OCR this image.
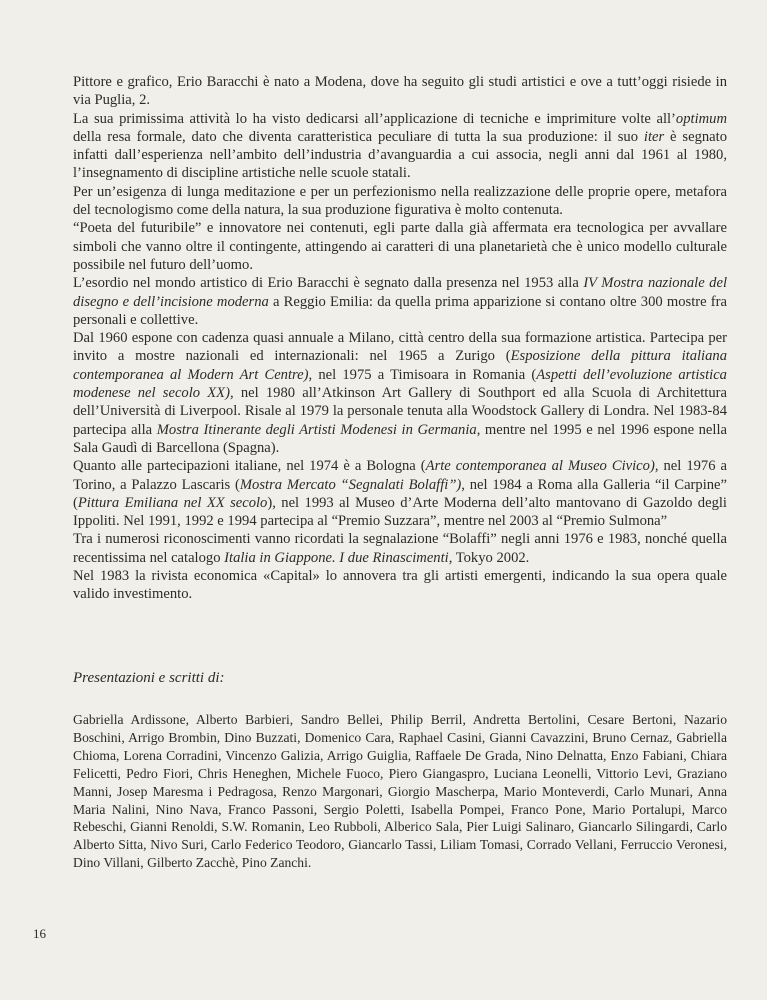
Pittore e grafico, Erio Baracchi è nato a Modena, dove ha seguito gli studi artistici e ove a tutt’oggi risiede in via Puglia, 2.

La sua primissima attività lo ha visto dedicarsi all’applicazione di tecniche e imprimiture volte all’optimum della resa formale, dato che diventa caratteristica peculiare di tutta la sua produzione: il suo iter è segnato infatti dall’esperienza nell’ambito dell’industria d’avanguardia a cui associa, negli anni dal 1961 al 1980, l’insegnamento di discipline artistiche nelle scuole statali.

Per un’esigenza di lunga meditazione e per un perfezionismo nella realizzazione delle proprie opere, metafora del tecnologismo come della natura, la sua produzione figurativa è molto contenuta.

“Poeta del futuribile” e innovatore nei contenuti, egli parte dalla già affermata era tecnologica per avvallare simboli che vanno oltre il contingente, attingendo ai caratteri di una planetarietà che è unico modello culturale possibile nel futuro dell’uomo.

L’esordio nel mondo artistico di Erio Baracchi è segnato dalla presenza nel 1953 alla IV Mostra nazionale del disegno e dell’incisione moderna a Reggio Emilia: da quella prima apparizione si contano oltre 300 mostre fra personali e collettive.

Dal 1960 espone con cadenza quasi annuale a Milano, città centro della sua formazione artistica. Partecipa per invito a mostre nazionali ed internazionali: nel 1965 a Zurigo (Esposizione della pittura italiana contemporanea al Modern Art Centre), nel 1975 a Timisoara in Romania (Aspetti dell’evoluzione artistica modenese nel secolo XX), nel 1980 all’Atkinson Art Gallery di Southport ed alla Scuola di Architettura dell’Università di Liverpool. Risale al 1979 la personale tenuta alla Woodstock Gallery di Londra. Nel 1983-84 partecipa alla Mostra Itinerante degli Artisti Modenesi in Germania, mentre nel 1995 e nel 1996 espone nella Sala Gaudì di Barcellona (Spagna).

Quanto alle partecipazioni italiane, nel 1974 è a Bologna (Arte contemporanea al Museo Civico), nel 1976 a Torino, a Palazzo Lascaris (Mostra Mercato “Segnalati Bolaffi”), nel 1984 a Roma alla Galleria “il Carpine” (Pittura Emiliana nel XX secolo), nel 1993 al Museo d’Arte Moderna dell’alto mantovano di Gazoldo degli Ippoliti. Nel 1991, 1992 e 1994 partecipa al “Premio Suzzara”, mentre nel 2003 al “Premio Sulmona”

Tra i numerosi riconoscimenti vanno ricordati la segnalazione “Bolaffi” negli anni 1976 e 1983, nonché quella recentissima nel catalogo Italia in Giappone. I due Rinascimenti, Tokyo 2002.

Nel 1983 la rivista economica «Capital» lo annovera tra gli artisti emergenti, indicando la sua opera quale valido investimento.

Presentazioni e scritti di:

Gabriella Ardissone, Alberto Barbieri, Sandro Bellei, Philip Berril, Andretta Bertolini, Cesare Bertoni, Nazario Boschini, Arrigo Brombin, Dino Buzzati, Domenico Cara, Raphael Casini, Gianni Cavazzini, Bruno Cernaz, Gabriella Chioma, Lorena Corradini, Vincenzo Galizia, Arrigo Guiglia, Raffaele De Grada, Nino Delnatta, Enzo Fabiani, Chiara Felicetti, Pedro Fiori, Chris Heneghen, Michele Fuoco, Piero Giangaspro, Luciana Leonelli, Vittorio Levi, Graziano Manni, Josep Maresma i Pedragosa, Renzo Margonari, Giorgio Mascherpa, Mario Monteverdi, Carlo Munari, Anna Maria Nalini, Nino Nava, Franco Passoni, Sergio Poletti, Isabella Pompei, Franco Pone, Mario Portalupi, Marco Rebeschi, Gianni Renoldi, S.W. Romanin, Leo Rubboli, Alberico Sala, Pier Luigi Salinaro, Giancarlo Silingardi, Carlo Alberto Sitta, Nivo Suri, Carlo Federico Teodoro, Giancarlo Tassi, Liliam Tomasi, Corrado Vellani, Ferruccio Veronesi, Dino Villani, Gilberto Zacchè, Pino Zanchi.

16
